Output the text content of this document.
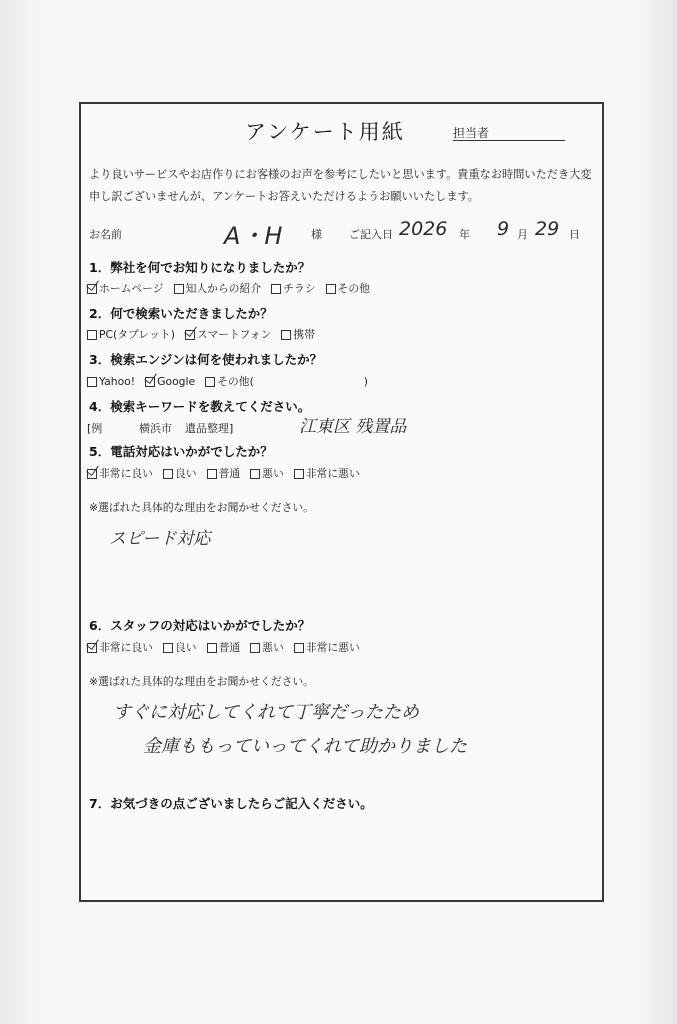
アンケート用紙	担当者
より良いサービスやお店作りにお客様のお声を参考にしたいと思います。貴重なお時間いただき大変
申し訳ございませんが、アンケートお答えいただけるようお願いいたします。
お名前	A・H	様 ご記入日 2026 年 9 月 29 日
1．弊社を何でお知りになりましたか？
ホームページ 知人からの紹介 チラシ その他
2．何で検索いただきましたか？
PC(タブレット) スマートフォン 携帯
3．検索エンジンは何を使われましたか？
Yahoo! Google その他(	)
4．検索キーワードを教えてください。
[例	横浜市 遺品整理]	江東区 残置品
5．電話対応はいかがでしたか？
非常に良い 良い 普通 悪い 非常に悪い
※選ばれた具体的な理由をお聞かせください。
スピード対応
6．スタッフの対応はいかがでしたか？
非常に良い 良い 普通 悪い 非常に悪い
※選ばれた具体的な理由をお聞かせください。
すぐに対応してくれて丁寧だったため
金庫ももっていってくれて助かりました
7．お気づきの点ございましたらご記入ください。
